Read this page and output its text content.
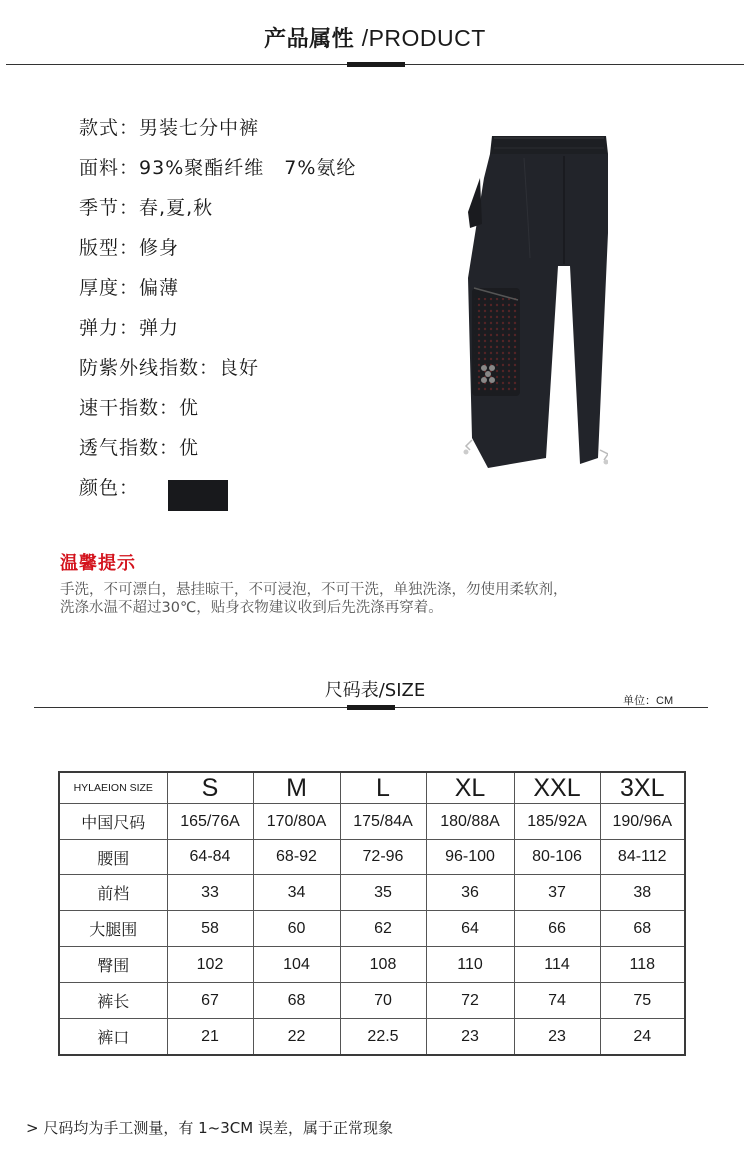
产品属性 /PRODUCT
款式：男装七分中裤
面料：93%聚酯纤维　7%氨纶
季节：春,夏,秋
版型：修身
厚度：偏薄
弹力：弹力
防紫外线指数：良好
速干指数：优
透气指数：优
颜色：
温馨提示
手洗，不可漂白，悬挂晾干，不可浸泡，不可干洗，单独洗涤，勿使用柔软剂，
洗涤水温不超过30℃，贴身衣物建议收到后先洗涤再穿着。
尺码表/SIZE	单位：CM
HYLAEION SIZE	S	M	L	XL	XXL	3XL
中国尺码	165/76A	170/80A	175/84A	180/88A	185/92A	190/96A
腰围	64-84	68-92	72-96	96-100	80-106	84-112
前档	33	34	35	36	37	38
大腿围	58	60	62	64	66	68
臀围	102	104	108	110	114	118
裤长	67	68	70	72	74	75
裤口	21	22	22.5	23	23	24
> 尺码均为手工测量，有 1~3CM 误差，属于正常现象
